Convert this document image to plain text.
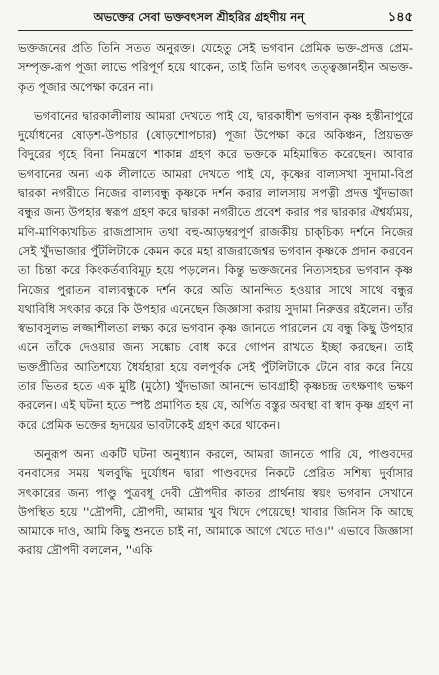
অভক্তের সেবা ভক্তবৎসল শ্রীহরির গ্রহণীয় নন্	১৪৫

ভক্তজনের প্রতি তিনি সতত অনুরক্ত। যেহেতু সেই ভগবান প্রেমিক ভক্ত-প্রদত্ত প্রেম-সম্পৃক্ত-রূপ পূজা লাভে পরিপূর্ণ হয়ে থাকেন, তাই তিনি ভগবৎ তত্ত্বজ্ঞানহীন অভক্ত-কৃত পূজার অপেক্ষা করেন না।

ভগবানের দ্বারকালীলায় আমরা দেখতে পাই যে, দ্বারকাধীশ ভগবান কৃষ্ণ হস্তীনাপুরে দুর্যোধনের ষোড়শ-উপচার (ষোড়শোপচার) পূজা উপেক্ষা করে অকিঞ্চন, প্রিয়ভক্ত বিদুরের গৃহে বিনা নিমন্ত্রণে শাকান্ন গ্রহণ করে ভক্তকে মহিমান্বিত করেছেন। আবার ভগবানের অন্য এক লীলাতে আমরা দেখতে পাই যে, কৃষ্ণের বাল্যসখা সুদামা-বিপ্র দ্বারকা নগরীতে নিজের বাল্যবন্ধু কৃষ্ণকে দর্শন করার লালসায় সপত্নী প্রদত্ত খুঁদভাজা বন্ধুর জন্য উপহার স্বরূপ গ্রহণ করে দ্বারকা নগরীতে প্রবেশ করার পর দ্বারকার ঐশ্বর্য্যময়, মণি-মাণিক্যখচিত রাজপ্রাসাদ তথা বহু-আড়ম্বরপূর্ণ রাজকীয় চাক্‌চিক্য দর্শনে নিজের সেই খুঁদভাজার পুঁটলিটাকে কেমন করে মহা রাজরাজেশ্বর ভগবান কৃষ্ণকে প্রদান করবেন তা চিন্তা করে কিংকর্তব্যবিমূঢ় হয়ে পড়লেন। কিন্তু ভক্তজনের নিত্যসহচর ভগবান কৃষ্ণ নিজের পুরাতন বাল্যবন্ধুকে দর্শন করে অতি আনন্দিত হওয়ার সাথে সাথে বন্ধুর যথাবিধি সৎকার করে কি উপহার এনেছেন জিজ্ঞাসা করায় সুদামা নিরুত্তর রইলেন। তাঁর স্বভাবসুলভ লজ্জাশীলতা লক্ষ্য করে ভগবান কৃষ্ণ জানতে পারলেন যে বন্ধু কিছু উপহার এনে তাঁকে দেওয়ার জন্য সঙ্কোচ বোধ করে গোপন রাখতে ইচ্ছা করছেন। তাই ভক্তপ্রীতির আতিশয্যে ধৈর্যহারা হয়ে বলপূর্বক সেই পুঁটলিটাকে টেনে বার করে নিয়ে তার ভিতর হতে এক মুষ্টি (মুঠো) খুঁদভাজা আনন্দে ভাবগ্রাহী কৃষ্ণচন্দ্র তৎক্ষণাৎ ভক্ষণ করলেন। এই ঘটনা হতে স্পষ্ট প্রমাণিত হয় যে, অর্পিত বস্তুর অবস্থা বা স্বাদ কৃষ্ণ গ্রহণ না করে প্রেমিক ভক্তের হৃদয়ের ভাবটাকেই গ্রহণ করে থাকেন।

অনুরূপ অন্য একটি ঘটনা অনুধ্যান করলে, আমরা জানতে পারি যে, পাণ্ডবদের বনবাসের সময় খলবুদ্ধি দুর্যোধন দ্বারা পাণ্ডবদের নিকটে প্রেরিত সশিষ্য দুর্বাসার সৎকারের জন্য পাণ্ডু পুত্রবধূ দেবী দ্রৌপদীর কাতর প্রার্থনায় স্বয়ং ভগবান সেখানে উপস্থিত হয়ে ''দ্রৌপদী, দ্রৌপদী, আমার খুব খিদে পেয়েছে! খাবার জিনিস কি আছে আমাকে দাও, আমি কিছু শুনতে চাই না, আমাকে আগে খেতে দাও।'' এভাবে জিজ্ঞাসা করায় দ্রৌপদী বললেন, ''একি
